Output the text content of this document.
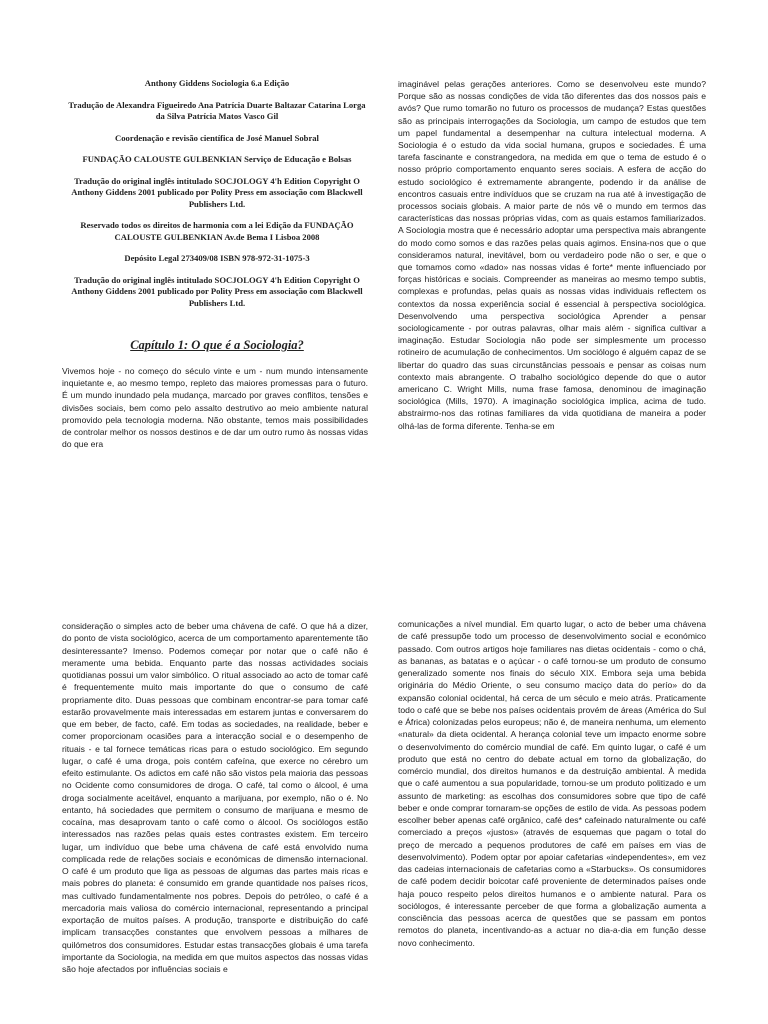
Anthony Giddens Sociologia 6.a Edição

Tradução de Alexandra Figueiredo Ana Patrícia Duarte Baltazar Catarina Lorga da Silva Patrícia Matos Vasco Gil

Coordenação e revisão científica de José Manuel Sobral

FUNDAÇÃO CALOUSTE GULBENKIAN Serviço de Educação e Bolsas

Tradução do original inglês intitulado SOCJOLOGY 4'h Edition Copyright O Anthony Giddens 2001 publicado por Polity Press em associação com Blackwell Publishers Ltd.

Reservado todos os direitos de harmonia com a lei Edição da FUNDAÇÃO CALOUSTE GULBENKIAN Av.de Bema I Lisboa 2008

Depósito Legal 273409/08 ISBN 978-972-31-1075-3

Tradução do original inglês intitulado SOCJOLOGY 4'h Edition Copyright O Anthony Giddens 2001 publicado por Polity Press em associação com Blackwell Publishers Ltd.

Capítulo 1: O que é a Sociologia?

Vivemos hoje - no começo do século vinte e um - num mundo intensamente inquietante e, ao mesmo tempo, repleto das maiores promessas para o futuro. É um mundo inundado pela mudança, marcado por graves conflitos, tensões e divisões sociais, bem como pelo assalto destrutivo ao meio ambiente natural promovido pela tecnologia moderna. Não obstante, temos mais possibilidades de controlar melhor os nossos destinos e de dar um outro rumo às nossas vidas do que era

imaginável pelas gerações anteriores. Como se desenvolveu este mundo? Porque são as nossas condições de vida tão diferentes das dos nossos pais e avós? Que rumo tomarão no futuro os processos de mudança? Estas questões são as principais interrogações da Sociologia, um campo de estudos que tem um papel fundamental a desempenhar na cultura intelectual moderna. A Sociologia é o estudo da vida social humana, grupos e sociedades. É uma tarefa fascinante e constrangedora, na medida em que o tema de estudo é o nosso próprio comportamento enquanto seres sociais. A esfera de acção do estudo sociológico é extremamente abrangente, podendo ir da análise de encontros casuais entre indivíduos que se cruzam na rua até à investigação de processos sociais globais. A maior parte de nós vê o mundo em termos das características das nossas próprias vidas, com as quais estamos familiarizados. A Sociologia mostra que é necessário adoptar uma perspectiva mais abrangente do modo como somos e das razões pelas quais agimos. Ensina-nos que o que consideramos natural, inevitável, bom ou verdadeiro pode não o ser, e que o que tomamos como «dado» nas nossas vidas é forte* mente influenciado por forças históricas e sociais. Compreender as maneiras ao mesmo tempo subtis, complexas e profundas, pelas quais as nossas vidas individuais reflectem os contextos da nossa experiência social é essencial à perspectiva sociológica. Desenvolvendo uma perspectiva sociológica Aprender a pensar sociologicamente - por outras palavras, olhar mais além - significa cultivar a imaginação. Estudar Sociologia não pode ser simplesmente um processo rotineiro de acumulação de conhecimentos. Um sociólogo é alguém capaz de se libertar do quadro das suas circunstâncias pessoais e pensar as coisas num contexto mais abrangente. O trabalho sociológico depende do que o autor americano C. Wright Mills, numa frase famosa, denominou de imaginação sociológica (Mills, 1970). A imaginação sociológica implica, acima de tudo. abstrairmo-nos das rotinas familiares da vida quotidiana de maneira a poder olhá-las de forma diferente. Tenha-se em

consideração o simples acto de beber uma chávena de café. O que há a dizer, do ponto de vista sociológico, acerca de um comportamento aparentemente tão desinteressante? Imenso. Podemos começar por notar que o café não é meramente uma bebida. Enquanto parte das nossas actividades sociais quotidianas possui um valor simbólico. O ritual associado ao acto de tomar café é frequentemente muito mais importante do que o consumo de café propriamente dito. Duas pessoas que combinam encontrar-se para tomar café estarão provavelmente mais interessadas em estarem juntas e conversarem do que em beber, de facto, café. Em todas as sociedades, na realidade, beber e comer proporcionam ocasiões para a interacção social e o desempenho de rituais - e tal fornece temáticas ricas para o estudo sociológico. Em segundo lugar, o café é uma droga, pois contém cafeína, que exerce no cérebro um efeito estimulante. Os adictos em café não são vistos pela maioria das pessoas no Ocidente como consumidores de droga. O café, tal como o álcool, é uma droga socialmente aceitável, enquanto a marijuana, por exemplo, não o é. No entanto, há sociedades que permitem o consumo de marijuana e mesmo de cocaína, mas desaprovam tanto o café como o álcool. Os sociólogos estão interessados nas razões pelas quais estes contrastes existem. Em terceiro lugar, um indivíduo que bebe uma chávena de café está envolvido numa complicada rede de relações sociais e económicas de dimensão internacional. O café é um produto que liga as pessoas de algumas das partes mais ricas e mais pobres do planeta: é consumido em grande quantidade nos países ricos, mas cultivado fundamentalmente nos pobres. Depois do petróleo, o café é a mercadoria mais valiosa do comércio internacional, representando a principal exportação de muitos países. A produção, transporte e distribuição do café implicam transacções constantes que envolvem pessoas a milhares de quilómetros dos consumidores. Estudar estas transacções globais é uma tarefa importante da Sociologia, na medida em que muitos aspectos das nossas vidas são hoje afectados por influências sociais e

comunicações a nível mundial. Em quarto lugar, o acto de beber uma chávena de café pressupõe todo um processo de desenvolvimento social e económico passado. Com outros artigos hoje familiares nas dietas ocidentais - como o chá, as bananas, as batatas e o açúcar - o café tornou-se um produto de consumo generalizado somente nos finais do século XIX. Embora seja uma bebida originária do Médio Oriente, o seu consumo maciço data do perío» do da expansão colonial ocidental, há cerca de um século e meio atrás. Praticamente todo o café que se bebe nos países ocidentais provém de áreas (América do Sul e África) colonizadas pelos europeus; não é, de maneira nenhuma, um elemento «natural» da dieta ocidental. A herança colonial teve um impacto enorme sobre o desenvolvimento do comércio mundial de café. Em quinto lugar, o café é um produto que está no centro do debate actual em torno da globalização, do comércio mundial, dos direitos humanos e da destruição ambiental. À medida que o café aumentou a sua popularidade, tornou-se um produto politizado e um assunto de marketing: as escolhas dos consumidores sobre que tipo de café beber e onde comprar tornaram-se opções de estilo de vida. As pessoas podem escolher beber apenas café orgânico, café des* cafeinado naturalmente ou café comerciado a preços «justos» (através de esquemas que pagam o total do preço de mercado a pequenos produtores de café em países em vias de desenvolvimento). Podem optar por apoiar cafetarias «independentes», em vez das cadeias internacionais de cafetarias como a «Starbucks». Os consumidores de café podem decidir boicotar café proveniente de determinados países onde haja pouco respeito pelos direitos humanos e o ambiente natural. Para os sociólogos, é interessante perceber de que forma a globalização aumenta a consciência das pessoas acerca de questões que se passam em pontos remotos do planeta, incentivando-as a actuar no dia-a-dia em função desse novo conhecimento.
